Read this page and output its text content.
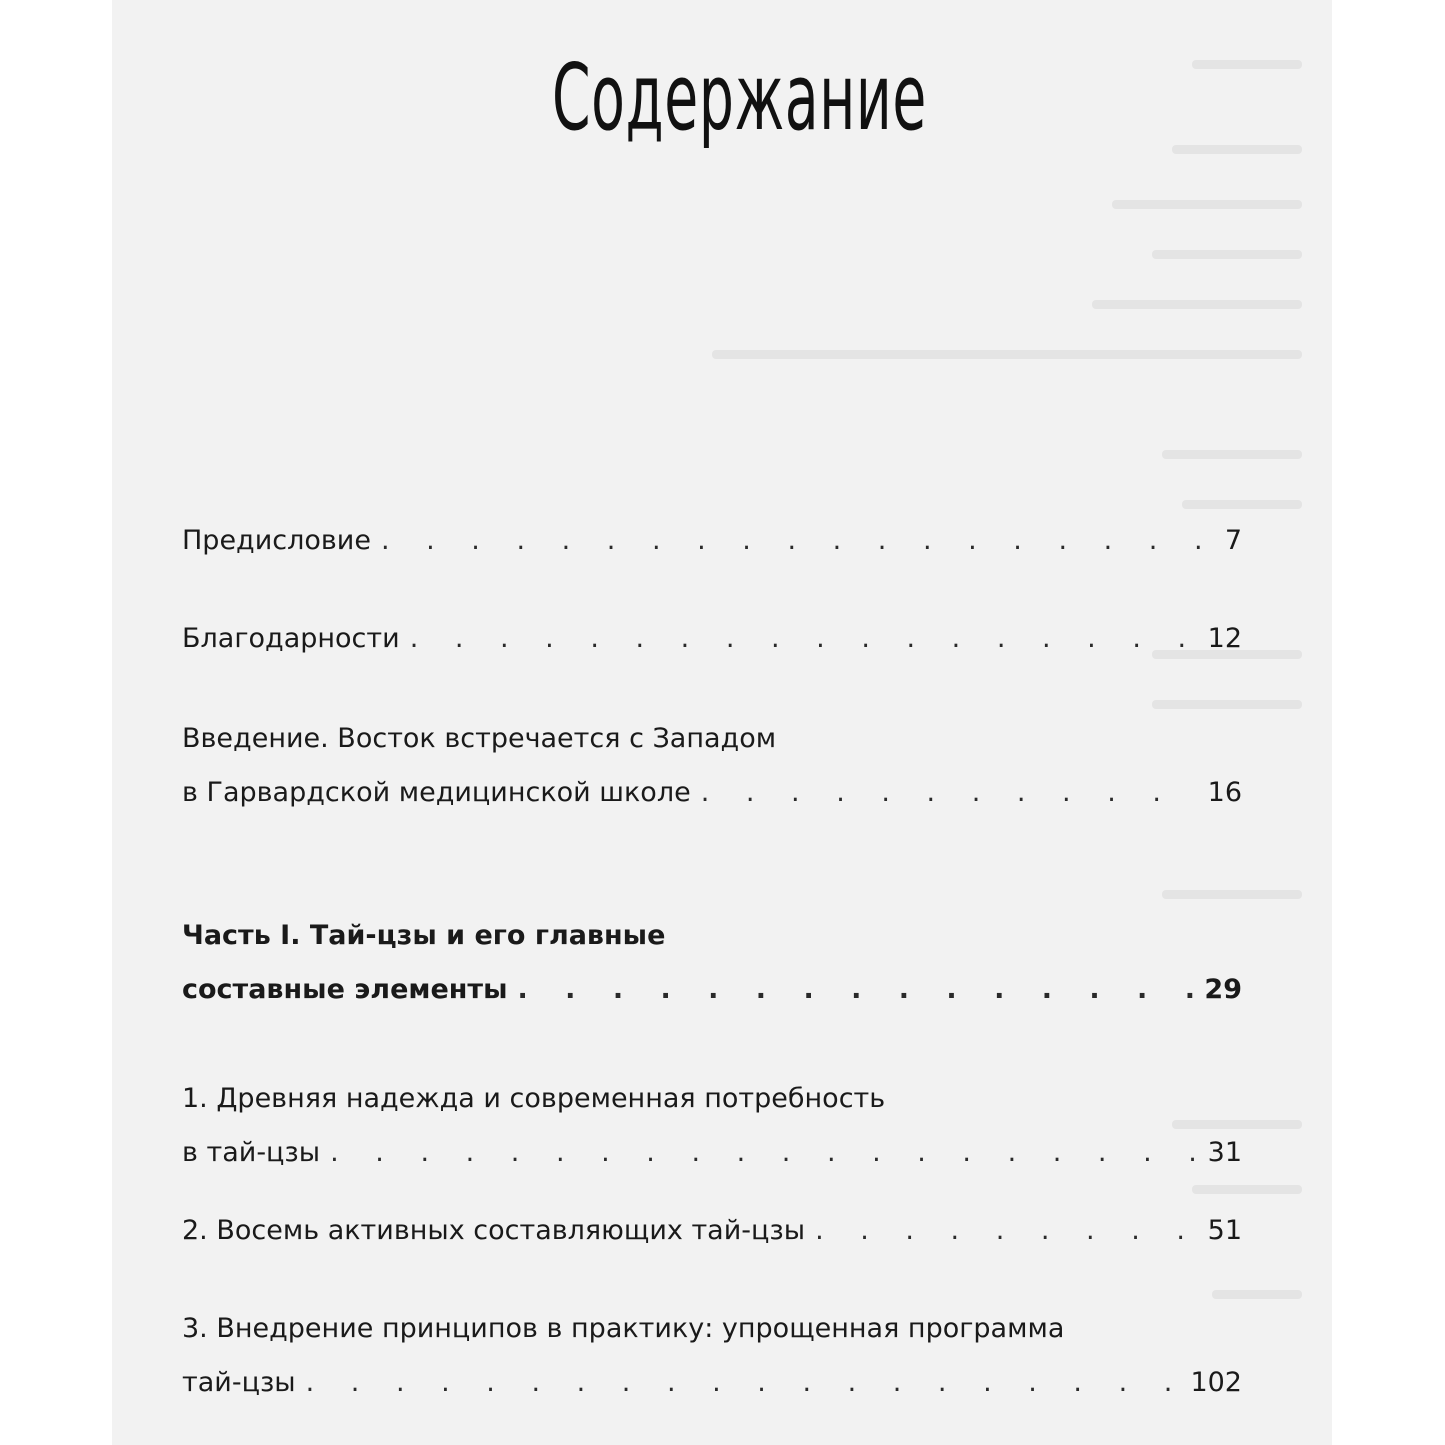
Содержание
Предисловие . . .	7
Благодарности . . .	12
Введение. Восток встречается с Западом
в Гарвардской медицинской школе . . .	16
Часть I. Тай-цзы и его главные
составные элементы . . .	29
1. Древняя надежда и современная потребность
в тай-цзы . . .	31
2. Восемь активных составляющих тай-цзы . . .	51
3. Внедрение принципов в практику: упрощенная программа
тай-цзы . . .	102
